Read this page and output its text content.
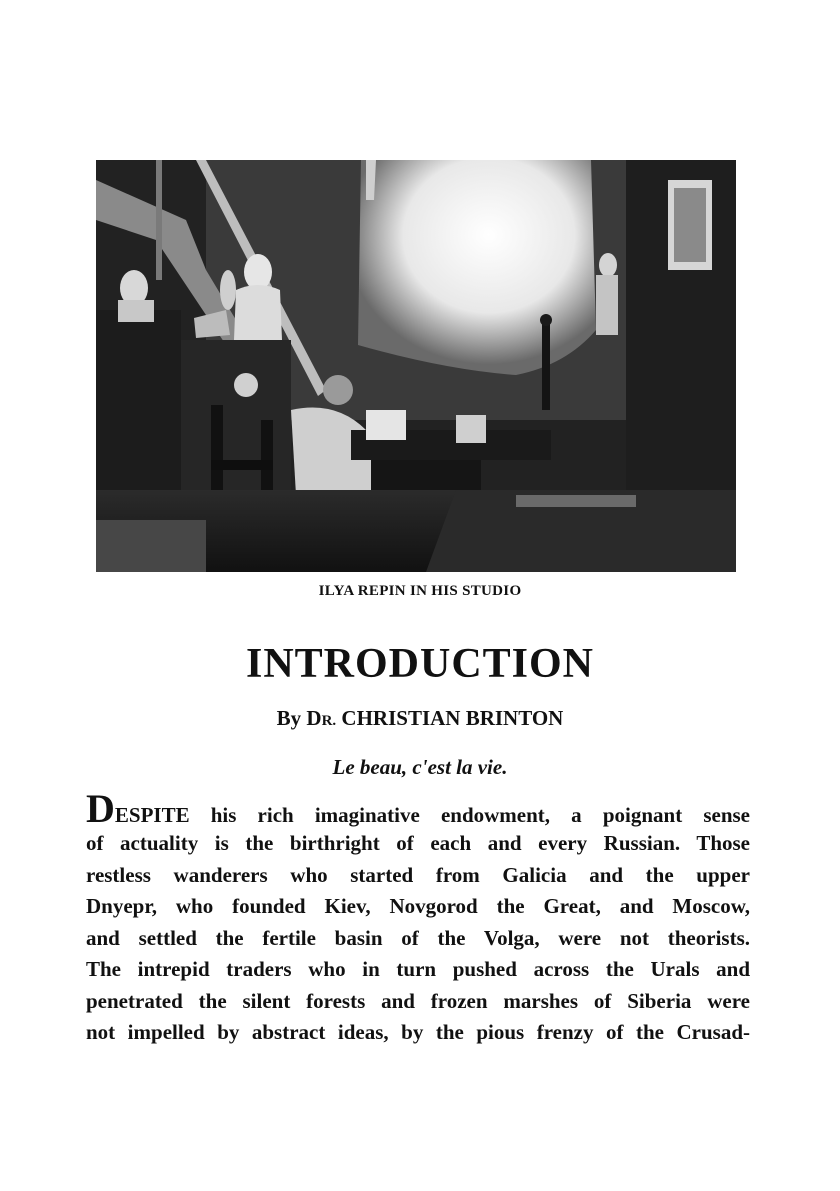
ILYA REPIN IN HIS STUDIO
INTRODUCTION
By DR. CHRISTIAN BRINTON
Le beau, c'est la vie.
DESPITE his rich imaginative endowment, a poignant sense
of actuality is the birthright of each and every Russian. Those
restless wanderers who started from Galicia and the upper
Dnyepr, who founded Kiev, Novgorod the Great, and Moscow,
and settled the fertile basin of the Volga, were not theorists.
The intrepid traders who in turn pushed across the Urals and
penetrated the silent forests and frozen marshes of Siberia were
not impelled by abstract ideas, by the pious frenzy of the Crusad-
